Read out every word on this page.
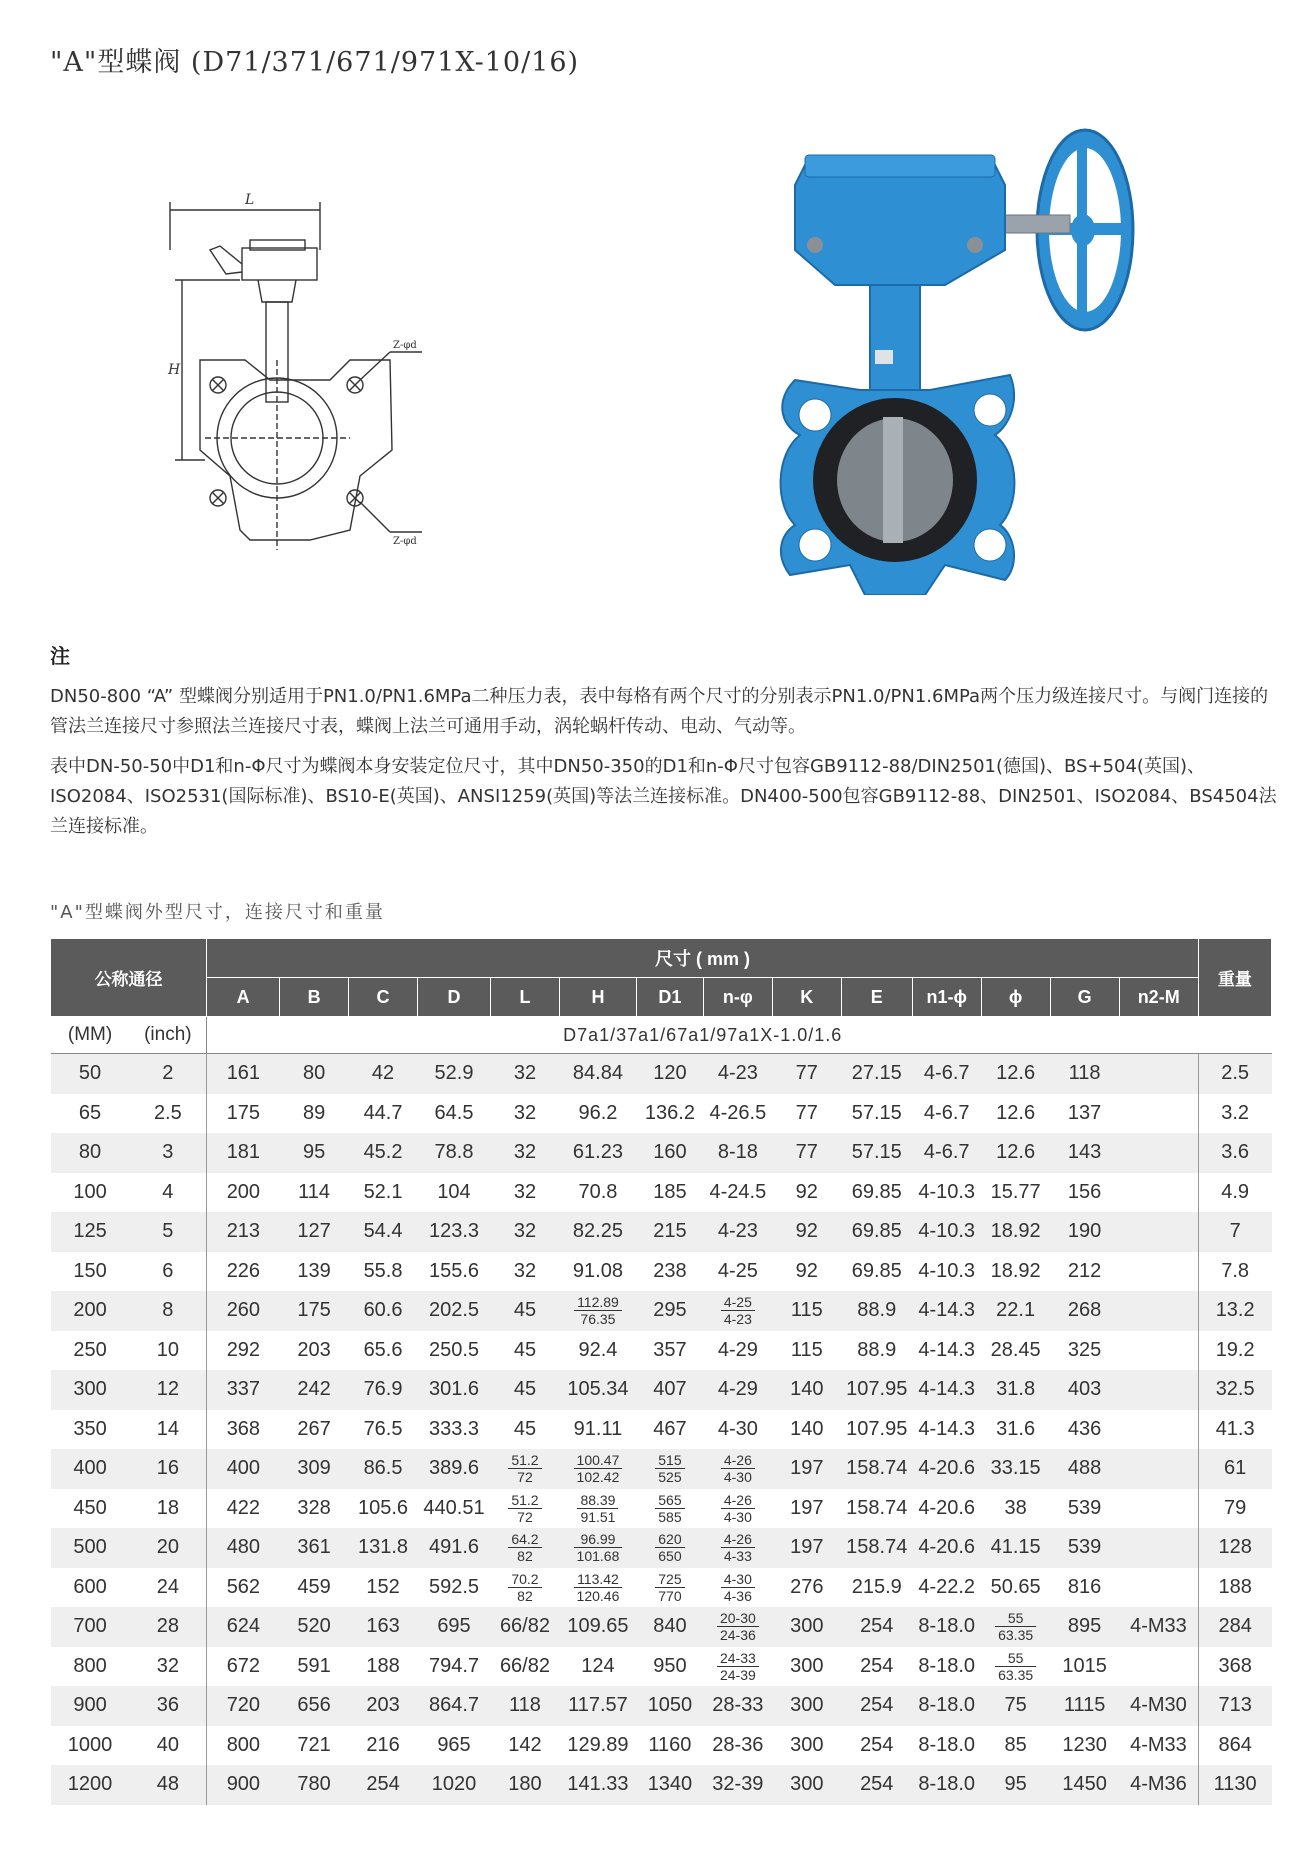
"A"型蝶阀 (D71/371/671/971X-10/16)
L
H
Z-φd
Z-φd
注

DN50-800 “A” 型蝶阀分别适用于PN1.0/PN1.6MPa二种压力表，表中每格有两个尺寸的分别表示PN1.0/PN1.6MPa两个压力级连接尺寸。与阀门连接的管法兰连接尺寸参照法兰连接尺寸表，蝶阀上法兰可通用手动，涡轮蜗杆传动、电动、气动等。

表中DN-50-50中D1和n-Φ尺寸为蝶阀本身安装定位尺寸，其中DN50-350的D1和n-Φ尺寸包容GB9112-88/DIN2501(德国)、BS+504(英国)、ISO2084、ISO2531(国际标准)、BS10-E(英国)、ANSI1259(英国)等法兰连接标准。DN400-500包容GB9112-88、DIN2501、ISO2084、BS4504法兰连接标准。

"A"型蝶阀外型尺寸，连接尺寸和重量
公称通径		尺寸 ( mm )														重量
		A	B	C	D	L	H	D1	n-φ	K	E	n1-ϕ	ϕ	G	n2-M	
(MM)	(inch)	D7a1/37a1/67a1/97a1X-1.0/1.6														
50	2	161	80	42	52.9	32	84.84	120	4-23	77	27.15	4-6.7	12.6	118		2.5
65	2.5	175	89	44.7	64.5	32	96.2	136.2	4-26.5	77	57.15	4-6.7	12.6	137		3.2
80	3	181	95	45.2	78.8	32	61.23	160	8-18	77	57.15	4-6.7	12.6	143		3.6
100	4	200	114	52.1	104	32	70.8	185	4-24.5	92	69.85	4-10.3	15.77	156		4.9
125	5	213	127	54.4	123.3	32	82.25	215	4-23	92	69.85	4-10.3	18.92	190		7
150	6	226	139	55.8	155.6	32	91.08	238	4-25	92	69.85	4-10.3	18.92	212		7.8
200	8	260	175	60.6	202.5	45	$\frac{112.89}{76.35}$	295	$\frac{4-25}{4-23}$	115	88.9	4-14.3	22.1	268		13.2
250	10	292	203	65.6	250.5	45	92.4	357	4-29	115	88.9	4-14.3	28.45	325		19.2
300	12	337	242	76.9	301.6	45	105.34	407	4-29	140	107.95	4-14.3	31.8	403		32.5
350	14	368	267	76.5	333.3	45	91.11	467	4-30	140	107.95	4-14.3	31.6	436		41.3
400	16	400	309	86.5	389.6	$\frac{51.2}{72}$	$\frac{100.47}{102.42}$	$\frac{515}{525}$	$\frac{4-26}{4-30}$	197	158.74	4-20.6	33.15	488		61
450	18	422	328	105.6	440.51	$\frac{51.2}{72}$	$\frac{88.39}{91.51}$	$\frac{565}{585}$	$\frac{4-26}{4-30}$	197	158.74	4-20.6	38	539		79
500	20	480	361	131.8	491.6	$\frac{64.2}{82}$	$\frac{96.99}{101.68}$	$\frac{620}{650}$	$\frac{4-26}{4-33}$	197	158.74	4-20.6	41.15	539		128
600	24	562	459	152	592.5	$\frac{70.2}{82}$	$\frac{113.42}{120.46}$	$\frac{725}{770}$	$\frac{4-30}{4-36}$	276	215.9	4-22.2	50.65	816		188
700	28	624	520	163	695	66/82	109.65	840	$\frac{20-30}{24-36}$	300	254	8-18.0	$\frac{55}{63.35}$	895	4-M33	284
800	32	672	591	188	794.7	66/82	124	950	$\frac{24-33}{24-39}$	300	254	8-18.0	$\frac{55}{63.35}$	1015		368
900	36	720	656	203	864.7	118	117.57	1050	28-33	300	254	8-18.0	75	1115	4-M30	713
1000	40	800	721	216	965	142	129.89	1160	28-36	300	254	8-18.0	85	1230	4-M33	864
1200	48	900	780	254	1020	180	141.33	1340	32-39	300	254	8-18.0	95	1450	4-M36	1130
